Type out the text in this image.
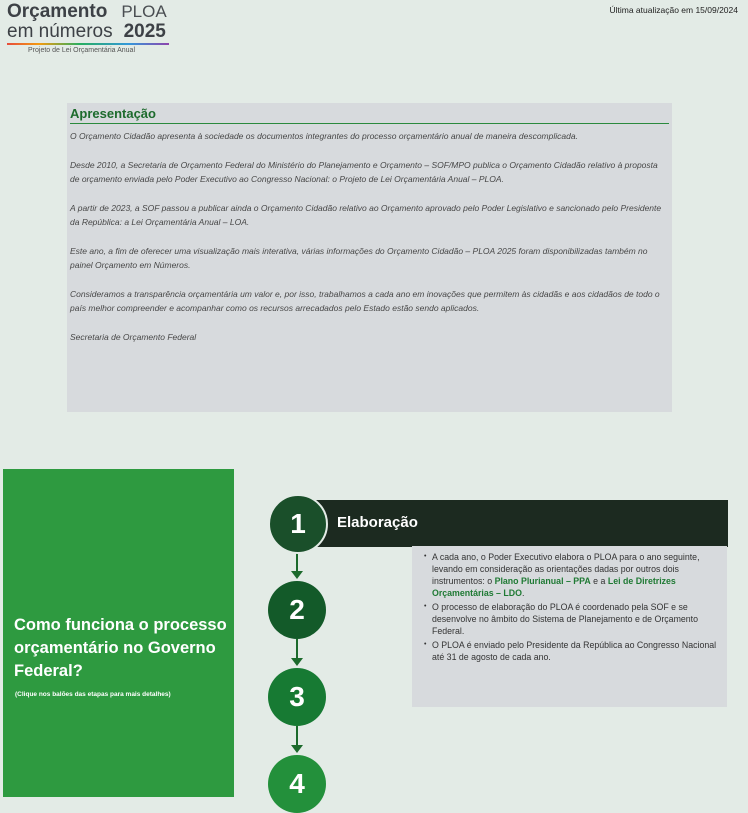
Orçamento PLOA
em números 2025
Projeto de Lei Orçamentária Anual
Última atualização em 15/09/2024
Apresentação

O Orçamento Cidadão apresenta à sociedade os documentos integrantes do processo orçamentário anual de maneira descomplicada.

Desde 2010, a Secretaria de Orçamento Federal do Ministério do Planejamento e Orçamento – SOF/MPO publica o Orçamento Cidadão relativo à proposta de orçamento enviada pelo Poder Executivo ao Congresso Nacional: o Projeto de Lei Orçamentária Anual – PLOA.

A partir de 2023, a SOF passou a publicar ainda o Orçamento Cidadão relativo ao Orçamento aprovado pelo Poder Legislativo e sancionado pelo Presidente da República: a Lei Orçamentária Anual – LOA.

Este ano, a fim de oferecer uma visualização mais interativa, várias informações do Orçamento Cidadão – PLOA 2025 foram disponibilizadas também no painel Orçamento em Números.

Consideramos a transparência orçamentária um valor e, por isso, trabalhamos a cada ano em inovações que permitem às cidadãs e aos cidadãos de todo o país melhor compreender e acompanhar como os recursos arrecadados pelo Estado estão sendo aplicados.

Secretaria de Orçamento Federal

Como funciona o processo orçamentário no Governo Federal?
(Clique nos balões das etapas para mais detalhes)
Elaboração
1
2
3
4
• A cada ano, o Poder Executivo elabora o PLOA para o ano seguinte, levando em consideração as orientações dadas por outros dois instrumentos: o Plano Plurianual – PPA e a Lei de Diretrizes Orçamentárias – LDO.
• O processo de elaboração do PLOA é coordenado pela SOF e se desenvolve no âmbito do Sistema de Planejamento e de Orçamento Federal.
• O PLOA é enviado pelo Presidente da República ao Congresso Nacional até 31 de agosto de cada ano.
